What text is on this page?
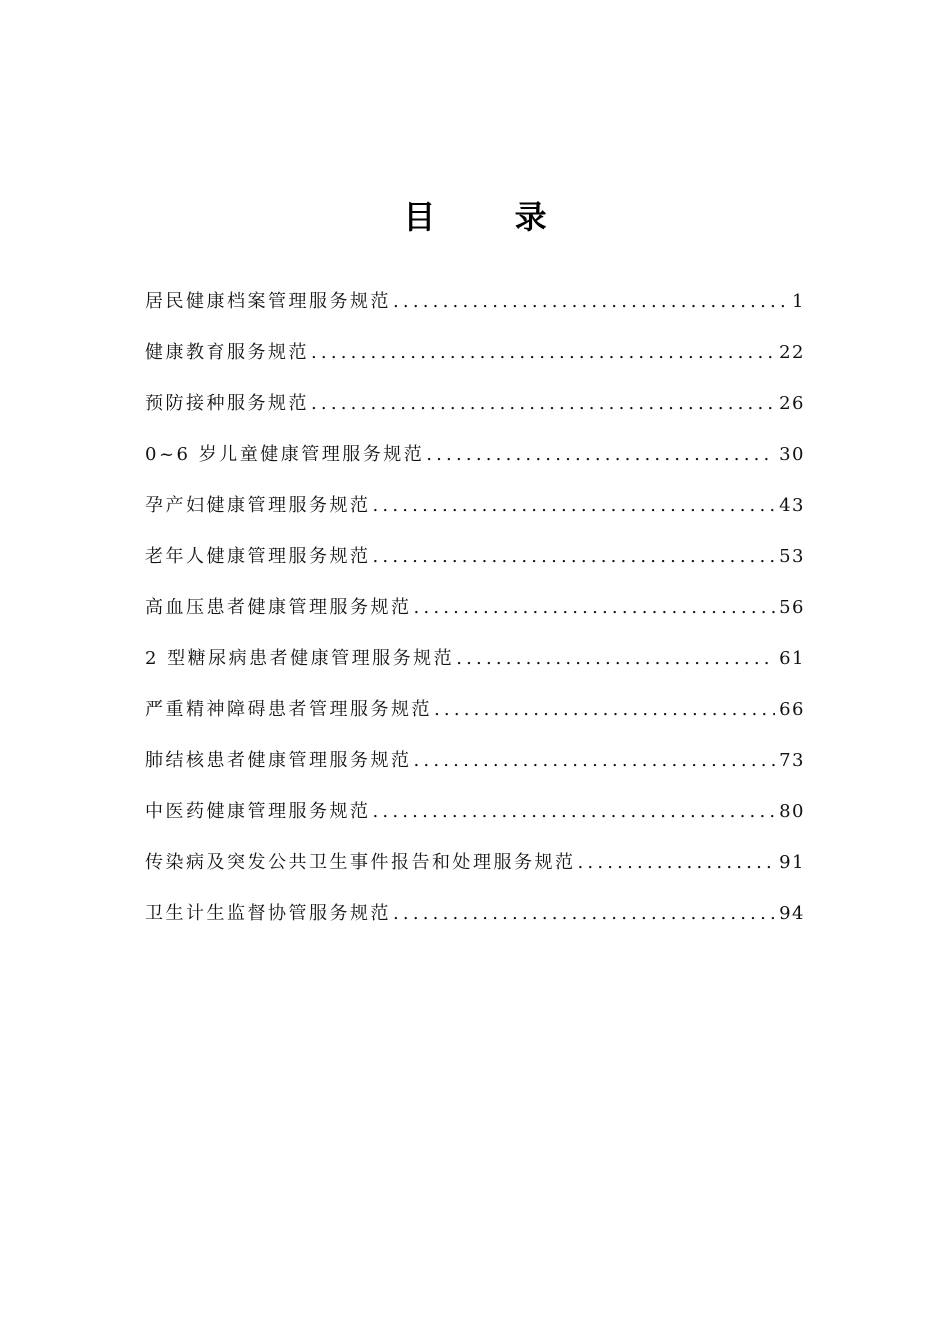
目 录
居民健康档案管理服务规范 .....	1
健康教育服务规范 .....	22
预防接种服务规范 .....	26
0~6 岁儿童健康管理服务规范 .....	30
孕产妇健康管理服务规范 .....	43
老年人健康管理服务规范 .....	53
高血压患者健康管理服务规范 .....	56
2 型糖尿病患者健康管理服务规范 .....	61
严重精神障碍患者管理服务规范 .....	66
肺结核患者健康管理服务规范 .....	73
中医药健康管理服务规范 .....	80
传染病及突发公共卫生事件报告和处理服务规范 .....	91
卫生计生监督协管服务规范 .....	94
